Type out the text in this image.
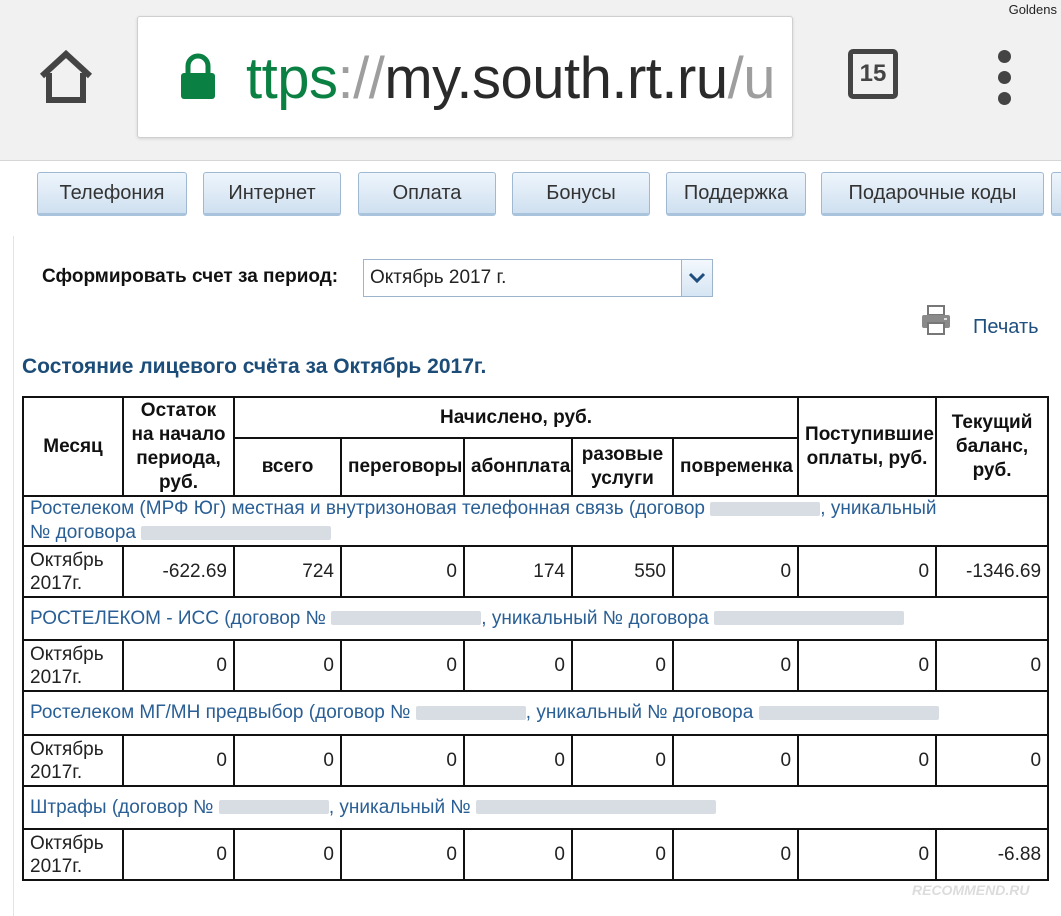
Goldens
ttps://my.south.rt.ru/u	15
Телефония	Интернет	Оплата	Бонусы	Поддержка	Подарочные коды
Сформировать счет за период: Октябрь 2017 г.
Печать
Состояние лицевого счёта за Октябрь 2017г.
Месяц	Остаток на начало периода, руб.	Начислено, руб.					Поступившие оплаты, руб.	Текущий баланс, руб.
		всего	переговоры	абонплата	разовые услуги	повременка		
Ростелеком (МРФ Юг) местная и внутризоновая телефонная связь (договор , уникальный
№ договора								
Октябрь 2017г.	-622.69	724	0	174	550	0	0	-1346.69
РОСТЕЛЕКОМ - ИСС (договор № , уникальный № договора								
Октябрь 2017г.	0	0	0	0	0	0	0	0
Ростелеком МГ/МН предвыбор (договор № , уникальный № договора								
Октябрь 2017г.	0	0	0	0	0	0	0	0
Штрафы (договор № , уникальный №								
Октябрь 2017г.	0	0	0	0	0	0	0	-6.88
RECOMMEND.RU
